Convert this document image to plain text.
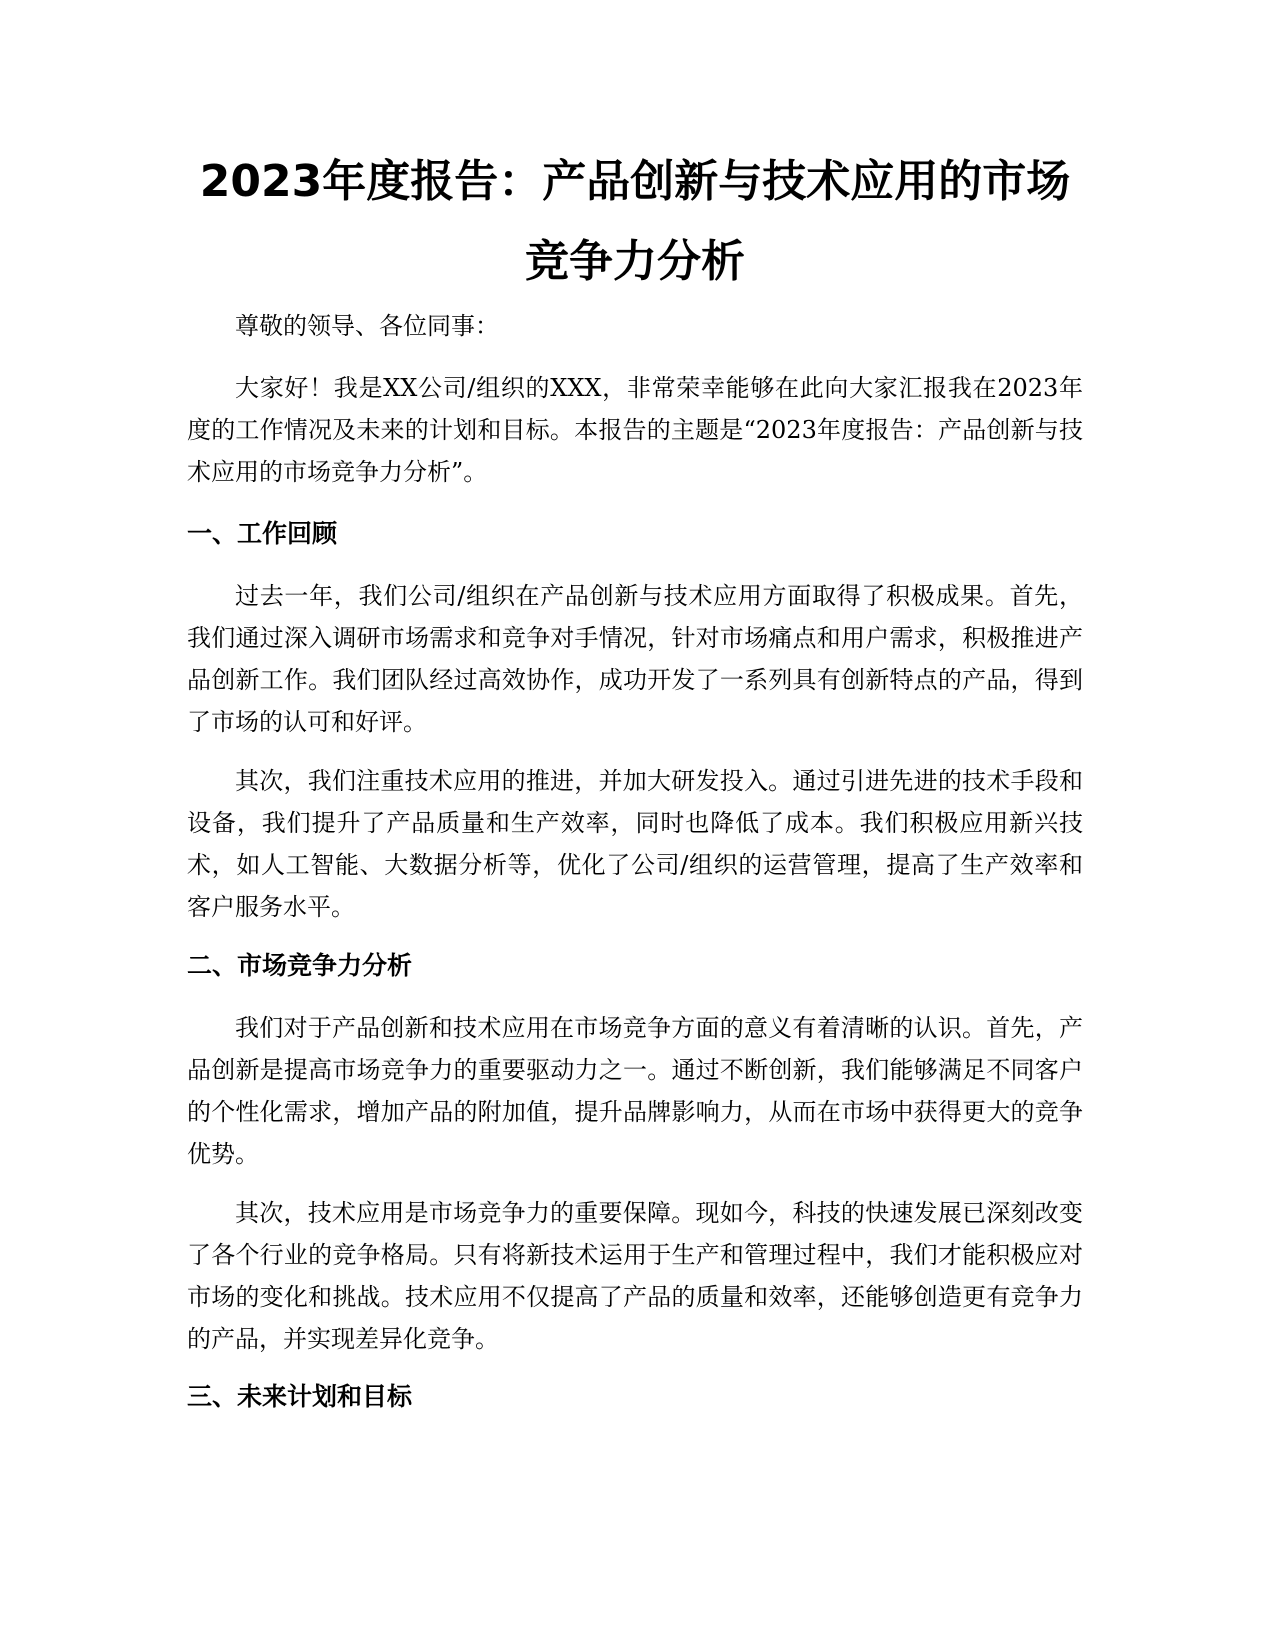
2023年度报告：产品创新与技术应用的市场竞争力分析

尊敬的领导、各位同事：

大家好！我是XX公司/组织的XXX，非常荣幸能够在此向大家汇报我在2023年度的工作情况及未来的计划和目标。本报告的主题是“2023年度报告：产品创新与技术应用的市场竞争力分析”。

一、工作回顾

过去一年，我们公司/组织在产品创新与技术应用方面取得了积极成果。首先，我们通过深入调研市场需求和竞争对手情况，针对市场痛点和用户需求，积极推进产品创新工作。我们团队经过高效协作，成功开发了一系列具有创新特点的产品，得到了市场的认可和好评。

其次，我们注重技术应用的推进，并加大研发投入。通过引进先进的技术手段和设备，我们提升了产品质量和生产效率，同时也降低了成本。我们积极应用新兴技术，如人工智能、大数据分析等，优化了公司/组织的运营管理，提高了生产效率和客户服务水平。

二、市场竞争力分析

我们对于产品创新和技术应用在市场竞争方面的意义有着清晰的认识。首先，产品创新是提高市场竞争力的重要驱动力之一。通过不断创新，我们能够满足不同客户的个性化需求，增加产品的附加值，提升品牌影响力，从而在市场中获得更大的竞争优势。

其次，技术应用是市场竞争力的重要保障。现如今，科技的快速发展已深刻改变了各个行业的竞争格局。只有将新技术运用于生产和管理过程中，我们才能积极应对市场的变化和挑战。技术应用不仅提高了产品的质量和效率，还能够创造更有竞争力的产品，并实现差异化竞争。

三、未来计划和目标
